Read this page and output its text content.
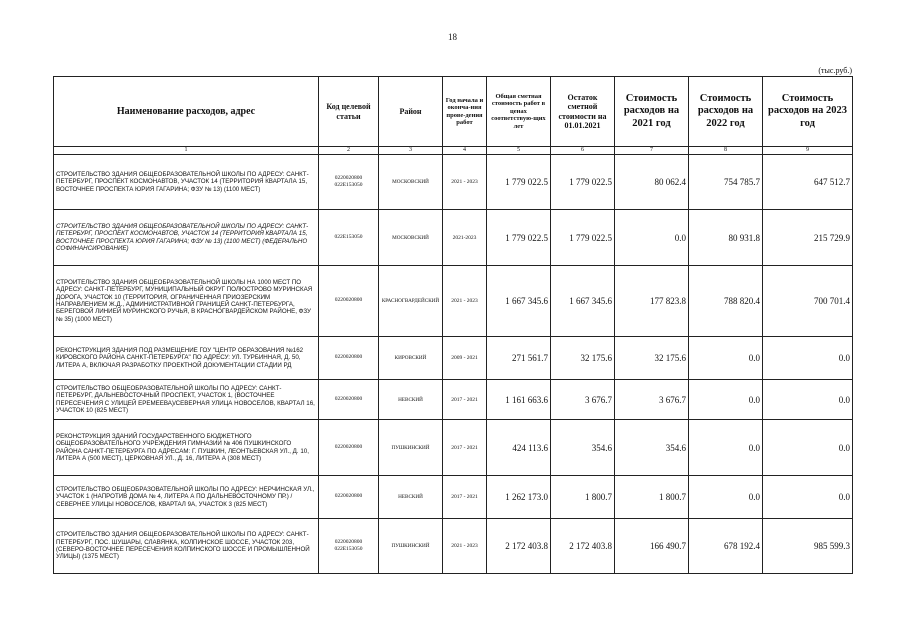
18
(тыс.руб.)
Наименование расходов, адрес	Код целевой статьи	Район	Год начала и оконча-ния прове-дения работ	Общая сметная стоимость работ в ценах соответствую-щих лет	Остаток сметной стоимости на 01.01.2021	Стоимость расходов на 2021 год	Стоимость расходов на 2022 год	Стоимость расходов на 2023 год
1	2	3	4	5	6	7	8	9
СТРОИТЕЛЬСТВО ЗДАНИЯ ОБЩЕОБРАЗОВАТЕЛЬНОЙ ШКОЛЫ ПО АДРЕСУ: САНКТ-ПЕТЕРБУРГ, ПРОСПЕКТ КОСМОНАВТОВ, УЧАСТОК 14 (ТЕРРИТОРИЯ КВАРТАЛА 15, ВОСТОЧНЕЕ ПРОСПЕКТА ЮРИЯ ГАГАРИНА; ФЗУ № 13) (1100 МЕСТ)	0220020800 022E153050	МОСКОВСКИЙ	2021 - 2023	1 779 022.5	1 779 022.5	80 062.4	754 785.7	647 512.7
СТРОИТЕЛЬСТВО ЗДАНИЯ ОБЩЕОБРАЗОВАТЕЛЬНОЙ ШКОЛЫ ПО АДРЕСУ: САНКТ-ПЕТЕРБУРГ, ПРОСПЕКТ КОСМОНАВТОВ, УЧАСТОК 14 (ТЕРРИТОРИЯ КВАРТАЛА 15, ВОСТОЧНЕЕ ПРОСПЕКТА ЮРИЯ ГАГАРИНА; ФЗУ № 13) (1100 МЕСТ) (ФЕДЕРАЛЬНО СОФИНАНСИРОВАНИЕ)	022E153050	МОСКОВСКИЙ	2021-2023	1 779 022.5	1 779 022.5	0.0	80 931.8	215 729.9
СТРОИТЕЛЬСТВО ЗДАНИЯ ОБЩЕОБРАЗОВАТЕЛЬНОЙ ШКОЛЫ НА 1000 МЕСТ ПО АДРЕСУ: САНКТ-ПЕТЕРБУРГ, МУНИЦИПАЛЬНЫЙ ОКРУГ ПОЛЮСТРОВО МУРИНСКАЯ ДОРОГА, УЧАСТОК 10 (ТЕРРИТОРИЯ, ОГРАНИЧЕННАЯ ПРИОЗЕРСКИМ НАПРАВЛЕНИЕМ Ж.Д., АДМИНИСТРАТИВНОЙ ГРАНИЦЕЙ САНКТ-ПЕТЕРБУРГА, БЕРЕГОВОЙ ЛИНИЕЙ МУРИНСКОГО РУЧЬЯ, В КРАСНОГВАРДЕЙСКОМ РАЙОНЕ, ФЗУ № 35) (1000 МЕСТ)	0220020800	КРАСНОГВАРДЕЙСКИЙ	2021 - 2023	1 667 345.6	1 667 345.6	177 823.8	788 820.4	700 701.4
РЕКОНСТРУКЦИЯ ЗДАНИЯ ПОД РАЗМЕЩЕНИЕ ГОУ "ЦЕНТР ОБРАЗОВАНИЯ №162 КИРОВСКОГО РАЙОНА САНКТ-ПЕТЕРБУРГА" ПО АДРЕСУ: УЛ. ТУРБИННАЯ, Д. 50, ЛИТЕРА А, ВКЛЮЧАЯ РАЗРАБОТКУ ПРОЕКТНОЙ ДОКУМЕНТАЦИИ СТАДИИ РД	0220020800	КИРОВСКИЙ	2009 - 2021	271 561.7	32 175.6	32 175.6	0.0	0.0
СТРОИТЕЛЬСТВО ОБЩЕОБРАЗОВАТЕЛЬНОЙ ШКОЛЫ ПО АДРЕСУ: САНКТ-ПЕТЕРБУРГ, ДАЛЬНЕВОСТОЧНЫЙ ПРОСПЕКТ, УЧАСТОК 1, (ВОСТОЧНЕЕ ПЕРЕСЕЧЕНИЯ С УЛИЦЕЙ ЕРЕМЕЕВА)/СЕВЕРНАЯ УЛИЦА НОВОСЕЛОВ, КВАРТАЛ 16, УЧАСТОК 10 (825 МЕСТ)	0220020800	НЕВСКИЙ	2017 - 2021	1 161 663.6	3 676.7	3 676.7	0.0	0.0
РЕКОНСТРУКЦИЯ ЗДАНИЙ ГОСУДАРСТВЕННОГО БЮДЖЕТНОГО ОБЩЕОБРАЗОВАТЕЛЬНОГО УЧРЕЖДЕНИЯ ГИМНАЗИИ № 406 ПУШКИНСКОГО РАЙОНА САНКТ-ПЕТЕРБУРГА ПО АДРЕСАМ: Г. ПУШКИН, ЛЕОНТЬЕВСКАЯ УЛ., Д. 10, ЛИТЕРА А (500 МЕСТ), ЦЕРКОВНАЯ УЛ., Д. 16, ЛИТЕРА А (308 МЕСТ)	0220020800	ПУШКИНСКИЙ	2017 - 2021	424 113.6	354.6	354.6	0.0	0.0
СТРОИТЕЛЬСТВО ОБЩЕОБРАЗОВАТЕЛЬНОЙ ШКОЛЫ ПО АДРЕСУ: НЕРЧИНСКАЯ УЛ., УЧАСТОК 1 (НАПРОТИВ ДОМА № 4, ЛИТЕРА А ПО ДАЛЬНЕВОСТОЧНОМУ ПР.) / СЕВЕРНЕЕ УЛИЦЫ НОВОСЕЛОВ, КВАРТАЛ 9А, УЧАСТОК 3 (825 МЕСТ)	0220020800	НЕВСКИЙ	2017 - 2021	1 262 173.0	1 800.7	1 800.7	0.0	0.0
СТРОИТЕЛЬСТВО ЗДАНИЯ ОБЩЕОБРАЗОВАТЕЛЬНОЙ ШКОЛЫ ПО АДРЕСУ: САНКТ-ПЕТЕРБУРГ, ПОС. ШУШАРЫ, СЛАВЯНКА, КОЛПИНСКОЕ ШОССЕ, УЧАСТОК 203, (СЕВЕРО-ВОСТОЧНЕЕ ПЕРЕСЕЧЕНИЯ КОЛПИНСКОГО ШОССЕ И ПРОМЫШЛЕННОЙ УЛИЦЫ) (1375 МЕСТ)	0220020800 022E153050	ПУШКИНСКИЙ	2021 - 2023	2 172 403.8	2 172 403.8	166 490.7	678 192.4	985 599.3
